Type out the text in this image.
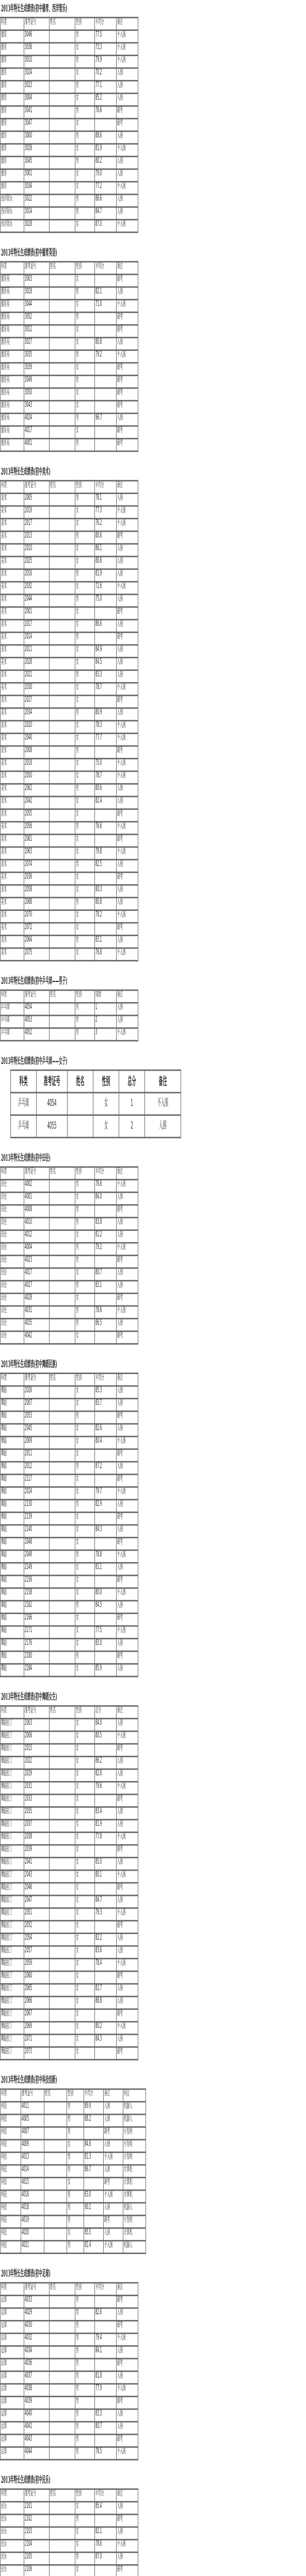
2013年特长生成绩表(初中德育、西洋管乐)
科类	准考证号	姓名	性别	平均分	备注
德育	3046		男	77.5	不入围
德育	3036		女	73.3	不入围
德育	3010		男	79.9	不入围
德育	3024		女	70.2	入围
德育	3023		男	77.1	入围
德育	3004		女	85.2	入围
德育	3041		男	76.6	缺考
德育	3047		女		缺考
德育	3000		男	88.6	入围
德育	3026		女	81.9	不入围
德育	3045		男	80.2	入围
德育	3001		女	79.0	入围
德育	3034		女	77.2	不入围
西洋管乐	3022		男	86.6	入围
西洋管乐	3014		男	84.7	入围
西洋管乐	3028		女	87.0	不入围
2013年特长生成绩表(初中德育英语)
科类	准考证号	姓名	性别	平均分	备注
德育英	3003		女		缺考
德育英	3018		男	82.1	入围
德育英	3044		女	71.0	不入围
德育英	3052		男		缺考
德育英	3012		女		缺考
德育英	3027		女	80.8	入围
德育英	3035		男	79.2	不入围
德育英	3039		女		缺考
德育英	3049		男		缺考
德育英	3050		女		缺考
德育英	3043		女		缺考
德育英	4024		男	96.7	入围
德育英	4017		女		缺考
德育英	4001		男		缺考
2013年特长生成绩表(初中美术)
科类	准考证号	姓名	性别	平均分	备注
美术	2005		男	78.1	入围
美术	2019		女	77.3	不入围
美术	2017		女	76.2	不入围
美术	2013		男	80.6	缺考
美术	2010		女	86.1	入围
美术	2025		女	80.6	入围
美术	2016		男	81.9	入围
美术	2032		女	72.6	不入围
美术	2044		男	75.0	入围
美术	2001		女		缺考
美术	2017		女	86.6	入围
美术	2014		男		缺考
美术	2011		女	84.9	入围
美术	2028		女	84.5	入围
美术	2021		男	83.3	入围
美术	2030		女	78.7	不入围
美术	2027		女		缺考
美术	2034		男	80.9	入围
美术	2020		女	78.3	不入围
美术	2040		女	77.7	不入围
美术	2008		男		缺考
美术	2018		女	75.0	不入围
美术	2050		女	78.7	不入围
美术	2062		男	80.6	入围
美术	2042		女	82.4	入围
美术	2055		女		缺考
美术	2056		男	76.6	不入围
美术	2061		女		缺考
美术	2063		女	79.8	不入围
美术	2074		男	82.5	入围
美术	2036		女		缺考
美术	2058		女	80.3	入围
美术	2068		男	80.8	入围
美术	2070		女	78.2	不入围
美术	2072		女		缺考
美术	2064		男	83.1	入围
美术	2075		女	76.8	不入围
2013年特长生成绩表(初中乒乓球——男子)
科类	准考证号	姓名	性别	成绩	备注
乒乓球	4054		男	1	入围
乒乓球	4053		男	2	入围
乒乓球	4052		男	3	不入围
2013年特长生成绩表(初中乒乓球——女子)
科类	准考证号	姓名	性别	总分	备注
乒乓球	4054		女	1	不入围
乒乓球	4055		女	2	入围
2013年特长生成绩表(初中田径)
科类	准考证号	姓名	性别	平均分	备注
田径	4002		男	76.6	不入围
田径	4001		女	84.0	入围
田径	4008		男		缺考
田径	4010		男	83.8	入围
田径	4012		女	81.2	入围
田径	4004		男	79.2	不入围
田径	4023		男		缺考
田径	4017		女	80.7	入围
田径	4027		男	83.1	入围
田径	4028		女		缺考
田径	4031		男	78.6	不入围
田径	4035		男	86.5	入围
田径	4042		女		缺考
2013年特长生成绩表(初中舞蹈民族)
科类	准考证号	姓名	性别	平均分	备注
舞蹈	2026		女	85.3	入围
舞蹈	2007		女	83.7	入围
舞蹈	2053		男		缺考
舞蹈	2045		女	82.6	入围
舞蹈	2009		女	80.4	不入围
舞蹈	2011		女		缺考
舞蹈	2012		男	87.2	入围
舞蹈	2117		女		缺考
舞蹈	2024		女	79.7	不入围
舞蹈	2130		男	82.9	入围
舞蹈	2139		女		缺考
舞蹈	2140		女	84.3	入围
舞蹈	2048		女		缺考
舞蹈	2049		男	78.8	不入围
舞蹈	2149		女	81.1	入围
舞蹈	2156		女		缺考
舞蹈	2158		女	80.0	不入围
舞蹈	2162		男	84.5	入围
舞蹈	2166		女		缺考
舞蹈	2171		女	77.5	不入围
舞蹈	2176		女	83.0	入围
舞蹈	2180		男		缺考
舞蹈	2184		女	85.9	入围
2013年特长生成绩表(初中舞蹈女生)
科类	准考证号	姓名	性别	总分	备注
舞蹈拉丁	2003		女	84.0	入围
舞蹈拉丁	2006		女	80.5	不入围
舞蹈拉丁	2015		女		缺考
舞蹈拉丁	2022		女	86.2	入围
舞蹈拉丁	2029		女	82.8	入围
舞蹈拉丁	2031		女	79.6	不入围
舞蹈拉丁	2033		女		缺考
舞蹈拉丁	2035		女	83.4	入围
舞蹈拉丁	2037		女	81.9	入围
舞蹈拉丁	2038		女	77.8	不入围
舞蹈拉丁	2039		女		缺考
舞蹈拉丁	2041		女	85.0	入围
舞蹈拉丁	2043		女	80.1	不入围
舞蹈拉丁	2046		女		缺考
舞蹈拉丁	2047		女	84.7	入围
舞蹈拉丁	2051		女	79.3	不入围
舞蹈拉丁	2052		女		缺考
舞蹈拉丁	2054		女	82.2	入围
舞蹈拉丁	2057		女	83.6	入围
舞蹈拉丁	2059		女	78.4	不入围
舞蹈拉丁	2060		女		缺考
舞蹈拉丁	2065		女	81.7	入围
舞蹈拉丁	2066		女	86.8	入围
舞蹈拉丁	2067		女		缺考
舞蹈拉丁	2069		女	80.2	不入围
舞蹈拉丁	2071		女	84.3	入围
舞蹈拉丁	2073		女		缺考
2013年特长生成绩表(初中科技创新)
科类	准考证号	姓名	性别	平均分	备注	科目
科技	4011		男	89.9	入围	机器人
科技	4005		男	88.2	入围	机器人
科技	4007		男		缺考	小发明
科技	4009		女	84.6	入围	小发明
科技	4013		男	81.3	不入围	小发明
科技	4014		男	86.7	入围	计算机
科技	4015		女		缺考	计算机
科技	4016		男	83.0	不入围	计算机
科技	4018		男	90.1	入围	机器人
科技	4019		男		缺考	小发明
科技	4020		女	85.5	入围	计算机
科技	4021		男	82.4	不入围	机器人
2013年特长生成绩表(初中足球)
科类	准考证号	姓名	性别	平均分	备注
足球	4033		男		缺考
足球	4029		男	82.6	入围
足球	4030		男		缺考
足球	4032		男	79.4	不入围
足球	4034		男	84.1	入围
足球	4036		男		缺考
足球	4037		男	81.8	入围
足球	4038		男	77.9	不入围
足球	4039		男		缺考
足球	4040		男	83.3	入围
足球	4041		男	80.7	入围
足球	4043		男		缺考
足球	4044		男	78.5	不入围
2013年特长生成绩表(初中民乐)
科类	准考证号	姓名	性别	平均分	备注
民乐	2101		女	85.4	入围
民乐	2102		男		缺考
民乐	2103		女	82.1	入围
民乐	2104		女	78.6	不入围
民乐	2105		男	87.0	入围
民乐	2106		女		缺考
